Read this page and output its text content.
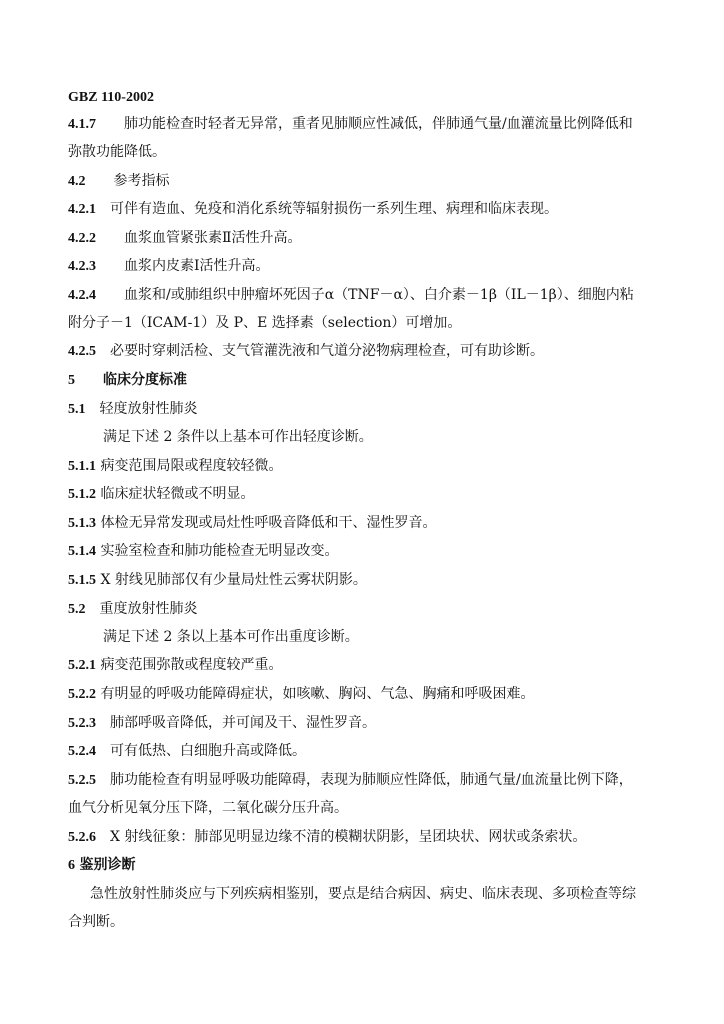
GBZ 110-2002
4.1.7　　 肺功能检查时轻者无异常，重者见肺顺应性减低，伴肺通气量/血灌流量比例降低和
弥散功能降低。
4.2　　 参考指标
4.2.1　 可伴有造血、免疫和消化系统等辐射损伤一系列生理、病理和临床表现。
4.2.2　　 血浆血管紧张素Ⅱ活性升高。
4.2.3　　 血浆内皮素Ⅰ活性升高。
4.2.4　　 血浆和/或肺组织中肿瘤坏死因子α（TNF－α）、白介素－1β（IL－1β）、细胞内粘
附分子－1（ICAM-1）及 P、E 选择素（selection）可增加。
4.2.5　 必要时穿刺活检、支气管灌洗液和气道分泌物病理检查，可有助诊断。
5　　 临床分度标准
5.1　 轻度放射性肺炎
满足下述 2 条件以上基本可作出轻度诊断。
5.1.1 病变范围局限或程度较轻微。
5.1.2 临床症状轻微或不明显。
5.1.3 体检无异常发现或局灶性呼吸音降低和干、湿性罗音。
5.1.4 实验室检查和肺功能检查无明显改变。
5.1.5 X 射线见肺部仅有少量局灶性云雾状阴影。
5.2　 重度放射性肺炎
满足下述 2 条以上基本可作出重度诊断。
5.2.1 病变范围弥散或程度较严重。
5.2.2 有明显的呼吸功能障碍症状，如咳嗽、胸闷、气急、胸痛和呼吸困难。
5.2.3　 肺部呼吸音降低，并可闻及干、湿性罗音。
5.2.4　 可有低热、白细胞升高或降低。
5.2.5　 肺功能检查有明显呼吸功能障碍，表现为肺顺应性降低，肺通气量/血流量比例下降，
血气分析见氧分压下降，二氧化碳分压升高。
5.2.6　 X 射线征象：肺部见明显边缘不清的模糊状阴影，呈团块状、网状或条索状。
6 鉴别诊断
急性放射性肺炎应与下列疾病相鉴别，要点是结合病因、病史、临床表现、多项检查等综
合判断。
